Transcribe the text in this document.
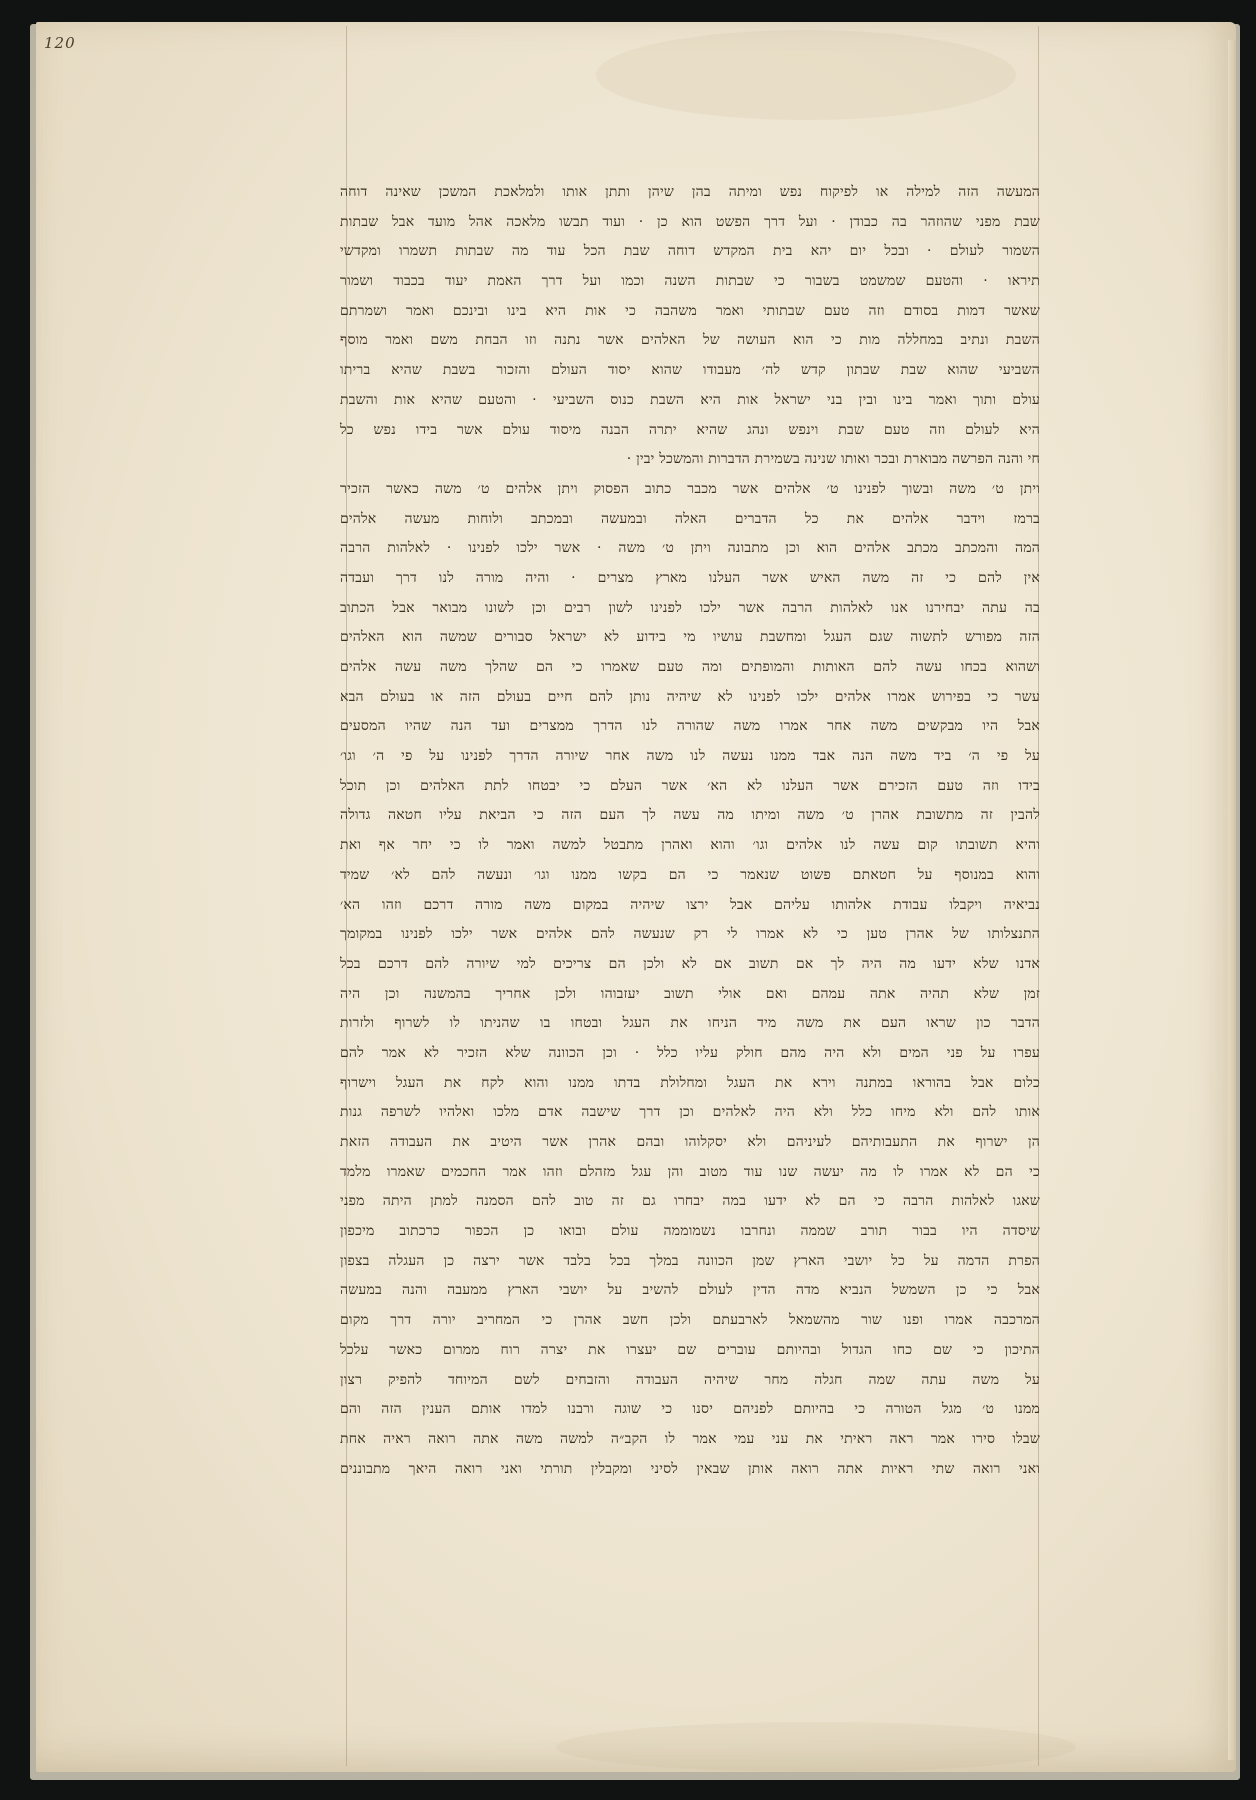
120
המעשה הזה למילה או לפיקוח נפש ומיתה בהן שיהן ותתן אותו ולמלאכת המשכן שאינה דוחה
שבת מפני שהוזהר בה כבודן · ועל דרך הפשט הוא כן · ועוד תבשו מלאכה אהל מועד אבל שבתות
השמור לעולם · ובכל יום יהא בית המקדש דוחה שבת הכל עוד מה שבתות תשמרו ומקדשי
תיראו · והטעם שמשמט בשבור כי שבתות השנה וכמו ועל דרך האמת יעוד בכבוד ושמור
שאשר דמות בסודם וזה טעם שבתותי ואמר משהבה כי אות היא בינו ובינכם ואמר ושמרתם
השבת ונתיב במחללה מות כי הוא העושה של האלהים אשר נתנה וזו הבחת משם ואמר מוסף
השביעי שהוא שבת שבתון קדש לה׳ מעבודו שהוא יסוד העולם והזכור בשבת שהיא בריתו
עולם ותוך ואמר בינו ובין בני ישראל אות היא השבת כנוס השביעי · והטעם שהיא אות והשבת
היא לעולם וזה טעם שבת וינפש ונהג שהיא יתרה הבנה מיסוד עולם אשר בידו נפש כל
חי והנה הפרשה מבוארת ובכר ואותו שנינה בשמירת הדברות והמשכל יבין ·
ויתן ט׳ משה ובשוך לפנינו ט׳ אלהים אשר מכבר כתוב הפסוק ויתן אלהים ט׳ משה כאשר הזכיר
ברמז וידבר אלהים את כל הדברים האלה ובמעשה ובמכתב ולוחות מעשה אלהים
המה והמכתב מכתב אלהים הוא וכן מתבונה ויתן ט׳ משה · אשר ילכו לפנינו · לאלהות הרבה
אין להם כי זה משה האיש אשר העלנו מארץ מצרים · והיה מורה לנו דרך ועבדה
בה עתה יבחירנו אנו לאלהות הרבה אשר ילכו לפנינו לשון רבים וכן לשונו מבואר אבל הכתוב
הזה מפורש לתשוה שגם העגל ומחשבת עושיו מי בידוע לא ישראל סבורים שמשה הוא האלהים
ושהוא בכחו עשה להם האותות והמופתים ומה טעם שאמרו כי הם שהלך משה עשה אלהים
עשר כי בפירוש אמרו אלהים ילכו לפנינו לא שיהיה נותן להם חיים בעולם הזה או בעולם הבא
אבל היו מבקשים משה אחר אמרו משה שהורה לנו הדרך ממצרים ועד הנה שהיו המסעים
על פי ה׳ ביד משה הנה אבד ממנו נעשה לנו משה אחר שיורה הדרך לפנינו על פי ה׳ וגו׳
בידו וזה טעם הזכירם אשר העלנו לא הא׳ אשר העלם כי יבטחו לתת האלהים וכן תוכל
להבין זה מתשובת אהרן ט׳ משה ומיתו מה עשה לך העם הזה כי הביאת עליו חטאה גדולה
והיא תשובתו קום עשה לנו אלהים וגו׳ והוא ואהרן מתבטל למשה ואמר לו כי יחר אף ואת
והוא במנוסף על חטאתם פשוט שנאמר כי הם בקשו ממנו וגו׳ ונעשה להם לא׳ שמיד
נביאיה ויקבלו עבודת אלהותו עליהם אבל ירצו שיהיה במקום משה מורה דרכם וזהו הא׳
התנצלותו של אהרן טען כי לא אמרו לי רק שנעשה להם אלהים אשר ילכו לפנינו במקומך
אדנו שלא ידעו מה היה לך אם תשוב אם לא ולכן הם צריכים למי שיורה להם דרכם בכל
זמן שלא תהיה אתה עמהם ואם אולי תשוב יעזבוהו ולכן אחריך בהמשנה וכן היה
הדבר כון שראו העם את משה מיד הניחו את העגל ובטחו בו שהניתו לו לשרוף ולזרות
עפרו על פני המים ולא היה מהם חולק עליו כלל · וכן הכוונה שלא הזכיר לא אמר להם
כלום אבל בהוראו במתנה וירא את העגל ומחלולת בדתו ממנו והוא לקח את העגל וישרוף
אותו להם ולא מיחו כלל ולא היה לאלהים וכן דרך שישבה אדם מלכו ואלהיו לשרפה גנות
הן ישרוף את התעבותיהם לעיניהם ולא יסקלוהו ובהם אהרן אשר היטיב את העבודה הזאת
כי הם לא אמרו לו מה יעשה שנו עוד מטוב והן עגל מזהלם וזהו אמר החכמים שאמרו מלמד
שאגו לאלהות הרבה כי הם לא ידעו במה יבחרו גם זה טוב להם הסמנה למתן היתה מפני
שיסדה היו בבור תורב שממה ונחרבו נשמוממה עולם ובואו כן הכפור כרכתוב מיכפון
הפרת הדמה על כל יושבי הארץ שמן הכוונה במלך בכל בלבד אשר ירצה כן העגלה בצפון
אבל כי כן השמשל הנביא מדה הדין לעולם להשיב על יושבי הארץ ממעבה והנה במעשה
המרכבה אמרו ופנו שור מהשמאל לארבעתם ולכן חשב אהרן כי המחריב יורה דרך מקום
התיכון כי שם כחו הגדול ובהיותם עוברים שם יעצרו את יצרה רוח ממרום כאשר עלכל
על משה עתה שמה חגלה מחר שיהיה העבודה והזבחים לשם המיוחד להפיק רצון
ממנו ט׳ מגל הטורה כי בהיותם לפניהם יסנו כי שוגה ורבנו למדו אותם הענין הזה והם
שבלו סירו אמר ראה ראיתי את עני עמי אמר לו הקב״ה למשה משה אתה רואה ראיה אחת
ואני רואה שתי ראיות אתה רואה אותן שבאין לסיני ומקבלין תורתי ואני רואה היאך מתבוננים
